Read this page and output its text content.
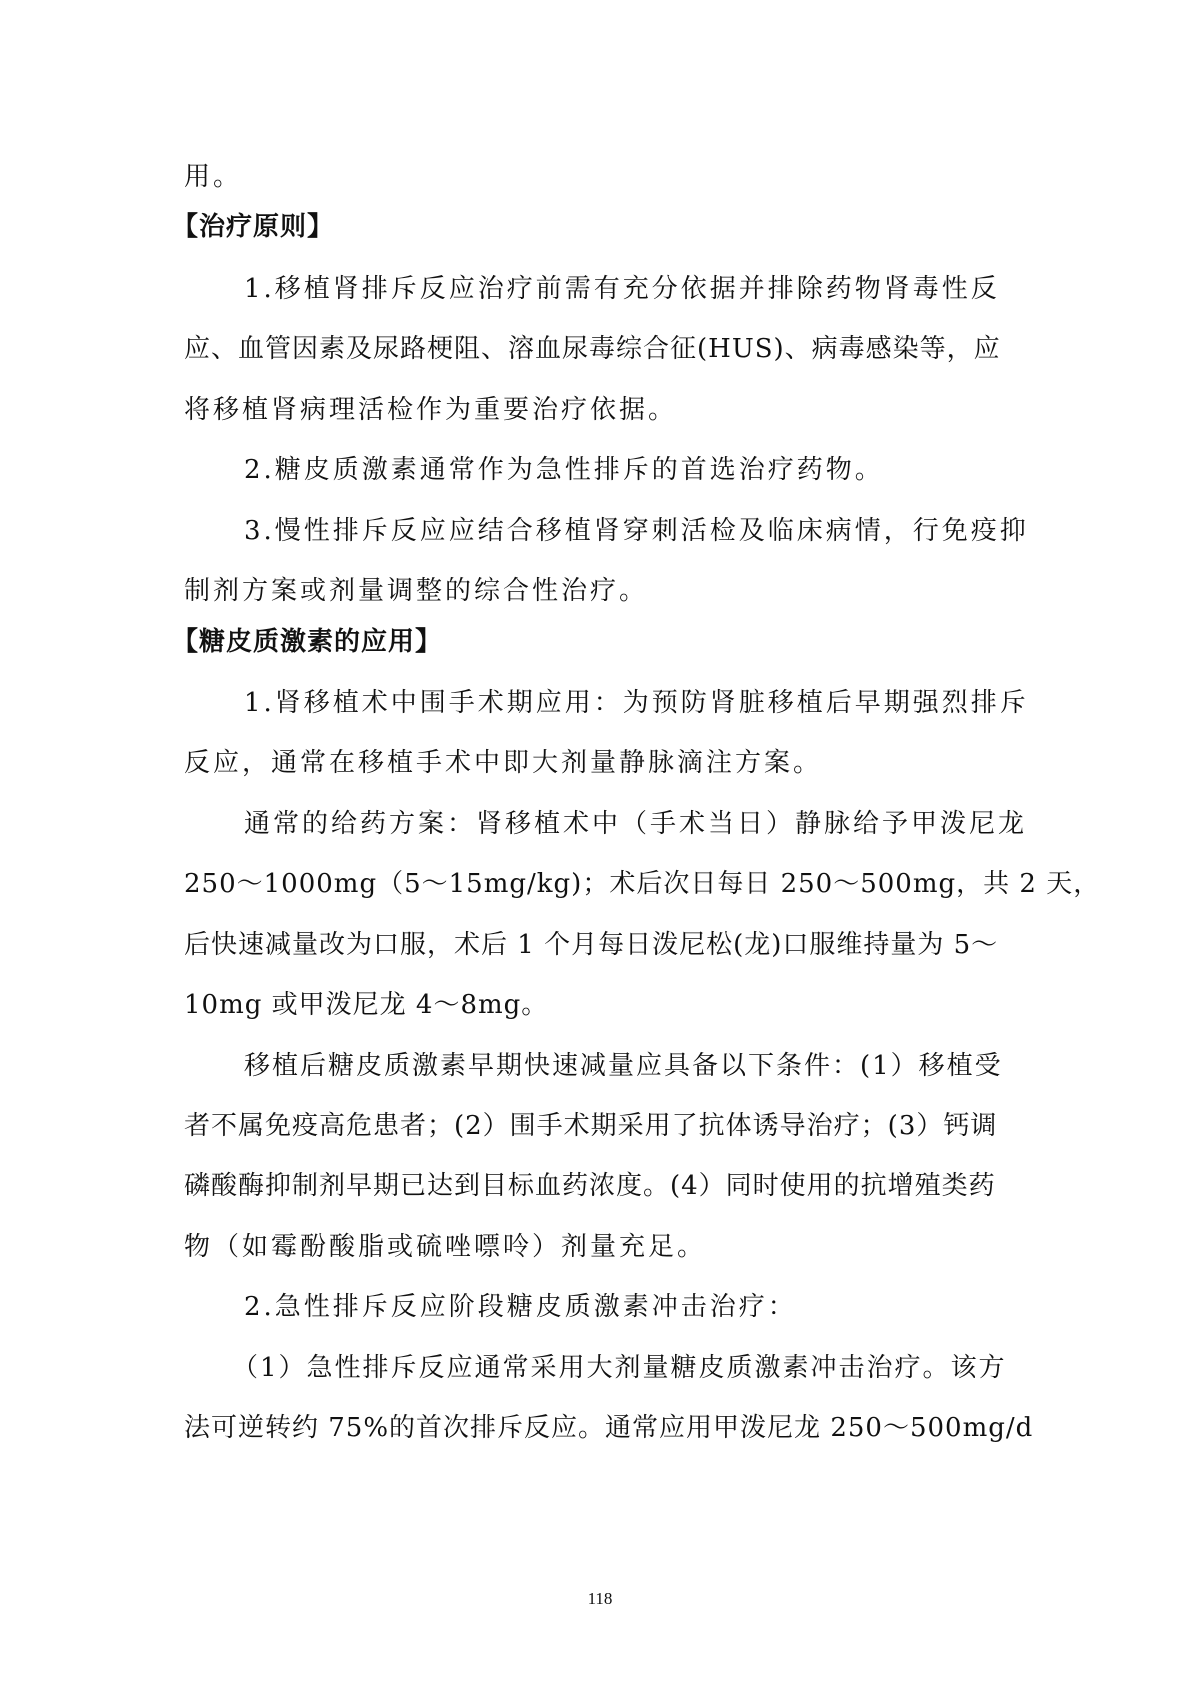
用。
【治疗原则】
1.移植肾排斥反应治疗前需有充分依据并排除药物肾毒性反
应、血管因素及尿路梗阻、溶血尿毒综合征(HUS)、病毒感染等，应
将移植肾病理活检作为重要治疗依据。
2.糖皮质激素通常作为急性排斥的首选治疗药物。
3.慢性排斥反应应结合移植肾穿刺活检及临床病情，行免疫抑
制剂方案或剂量调整的综合性治疗。
【糖皮质激素的应用】
1.肾移植术中围手术期应用：为预防肾脏移植后早期强烈排斥
反应，通常在移植手术中即大剂量静脉滴注方案。
通常的给药方案：肾移植术中（手术当日）静脉给予甲泼尼龙
250～1000mg（5～15mg/kg)；术后次日每日 250～500mg，共 2 天，
后快速减量改为口服，术后 1 个月每日泼尼松(龙)口服维持量为 5～
10mg 或甲泼尼龙 4～8mg。
移植后糖皮质激素早期快速减量应具备以下条件：(1）移植受
者不属免疫高危患者；(2）围手术期采用了抗体诱导治疗；(3）钙调
磷酸酶抑制剂早期已达到目标血药浓度。(4）同时使用的抗增殖类药
物（如霉酚酸脂或硫唑嘌呤）剂量充足。
2.急性排斥反应阶段糖皮质激素冲击治疗：
（1）急性排斥反应通常采用大剂量糖皮质激素冲击治疗。该方
法可逆转约 75%的首次排斥反应。通常应用甲泼尼龙 250～500mg/d
118
